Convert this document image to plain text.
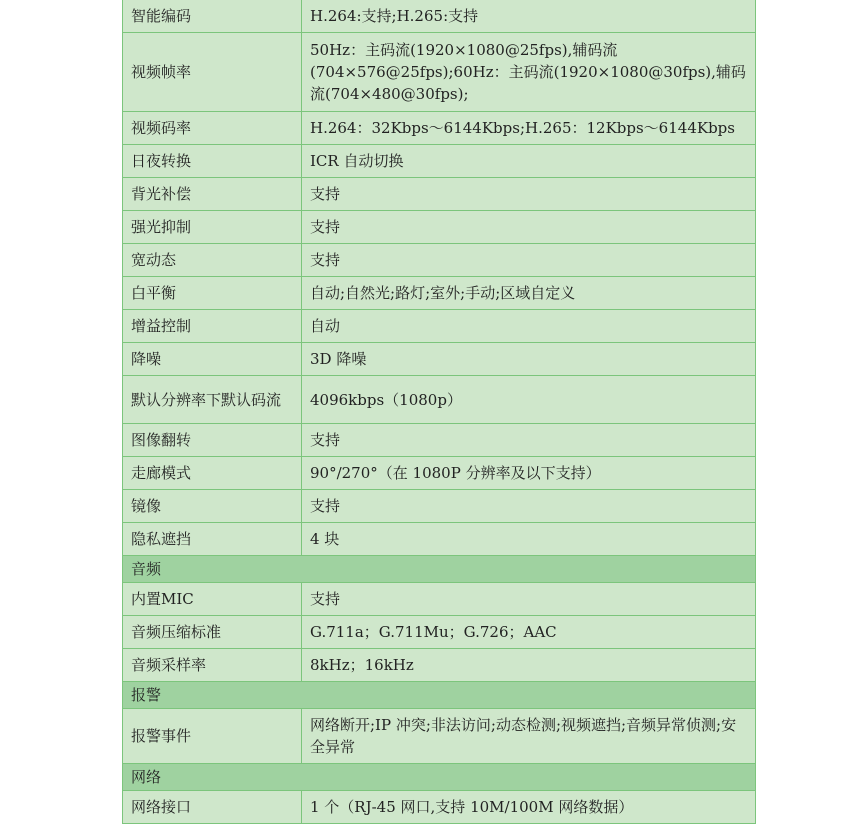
智能编码	H.264:支持;H.265:支持
视频帧率	50Hz：主码流(1920×1080@25fps),辅码流(704×576@25fps);60Hz：主码流(1920×1080@30fps),辅码流(704×480@30fps);
视频码率	H.264：32Kbps～6144Kbps;H.265：12Kbps～6144Kbps
日夜转换	ICR 自动切换
背光补偿	支持
强光抑制	支持
宽动态	支持
白平衡	自动;自然光;路灯;室外;手动;区域自定义
增益控制	自动
降噪	3D 降噪
默认分辨率下默认码流	4096kbps（1080p）
图像翻转	支持
走廊模式	90°/270°（在 1080P 分辨率及以下支持）
镜像	支持
隐私遮挡	4 块
音频	
内置MIC	支持
音频压缩标准	G.711a；G.711Mu；G.726；AAC
音频采样率	8kHz；16kHz
报警	
报警事件	网络断开;IP 冲突;非法访问;动态检测;视频遮挡;音频异常侦测;安全异常
网络	
网络接口	1 个（RJ-45 网口,支持 10M/100M 网络数据）
